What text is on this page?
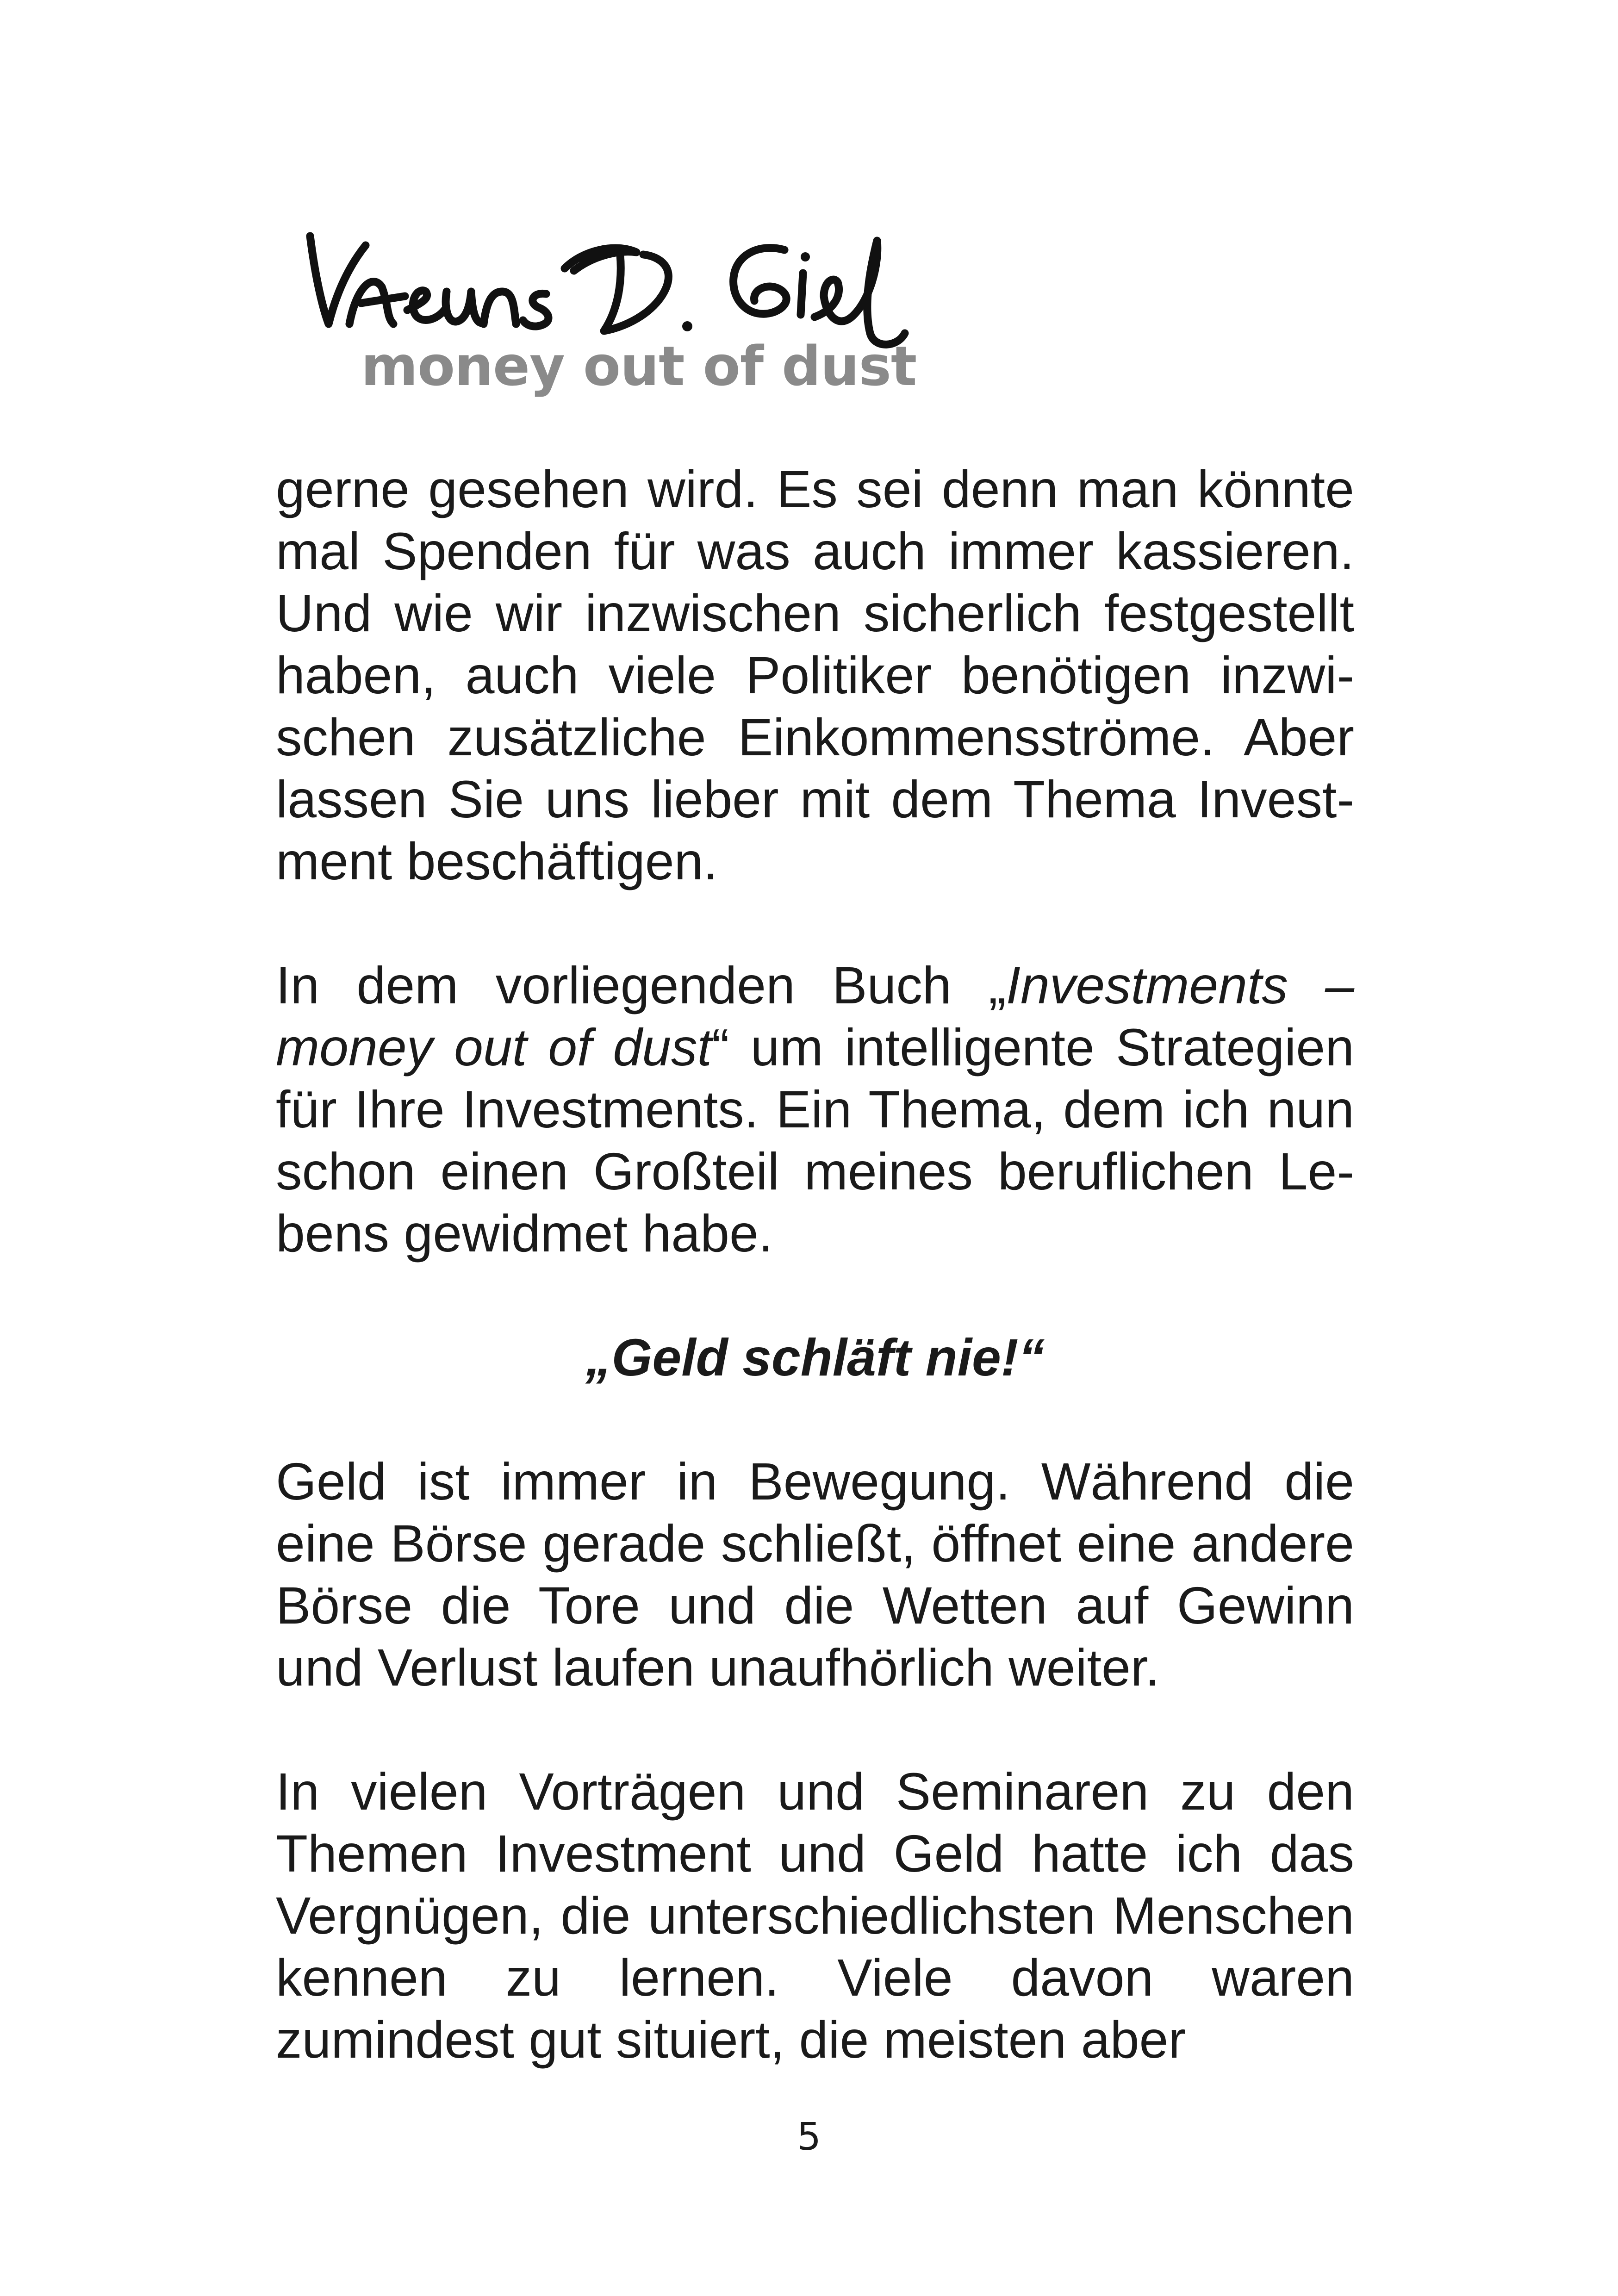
money out of dust

gerne gesehen wird. Es sei denn man könnte mal Spenden für was auch immer kassieren. Und wie wir inzwischen sicherlich festgestellt haben, auch viele Politiker benötigen inzwischen zusätzliche Einkommensströme. Aber lassen Sie uns lieber mit dem Thema Investment beschäftigen.

In dem vorliegenden Buch „Investments – money out of dust“ um intelligente Strategien für Ihre Investments. Ein Thema, dem ich nun schon einen Großteil meines beruflichen Lebens gewidmet habe.

„Geld schläft nie!“

Geld ist immer in Bewegung. Während die eine Börse gerade schließt, öffnet eine andere Börse die Tore und die Wetten auf Gewinn und Verlust laufen unaufhörlich weiter.

In vielen Vorträgen und Seminaren zu den Themen Investment und Geld hatte ich das Vergnügen, die unterschiedlichsten Menschen kennen zu lernen. Viele davon waren zumindest gut situiert, die meisten aber

5
